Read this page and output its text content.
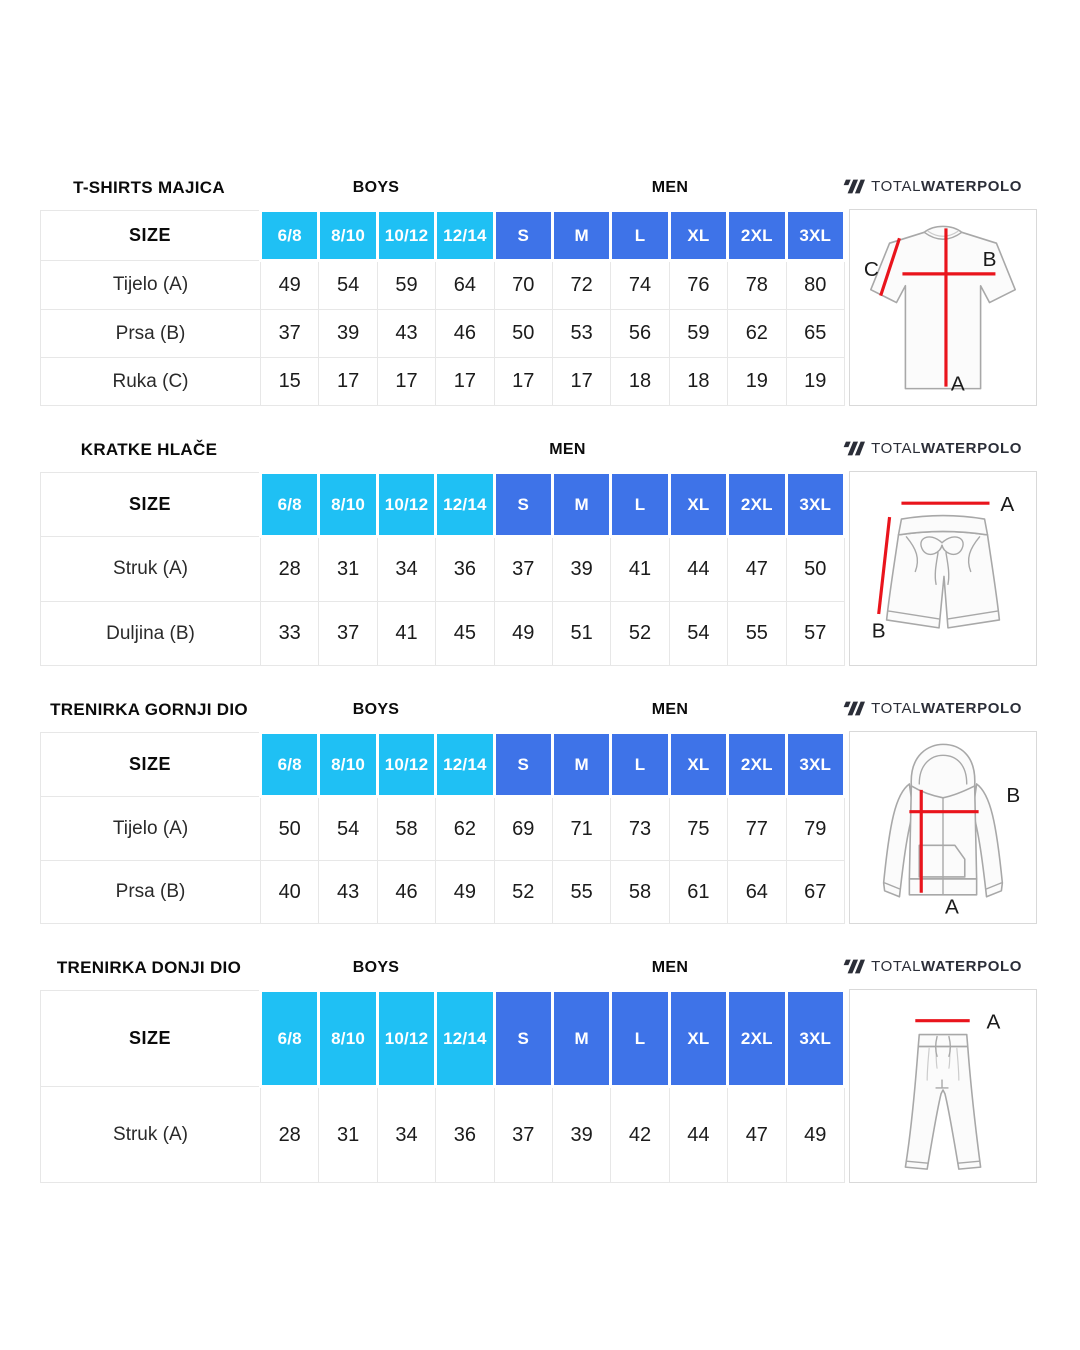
T-SHIRTS MAJICA	BOYS	MEN	TOTALWATERPOLO
SIZE	6/8	8/10	10/12	12/14	S	M	L	XL	2XL	3XL
Tijelo (A)	49	54	59	64	70	72	74	76	78	80
Prsa (B)	37	39	43	46	50	53	56	59	62	65
Ruka (C)	15	17	17	17	17	17	18	18	19	19
C	B
A
KRATKE HLAČE	MEN	TOTALWATERPOLO
SIZE	6/8	8/10	10/12	12/14	S	M	L	XL	2XL	3XL
Struk (A)	28	31	34	36	37	39	41	44	47	50
Duljina (B)	33	37	41	45	49	51	52	54	55	57
A
B
TRENIRKA GORNJI DIO	BOYS	MEN	TOTALWATERPOLO
SIZE	6/8	8/10	10/12	12/14	S	M	L	XL	2XL	3XL
Tijelo (A)	50	54	58	62	69	71	73	75	77	79
Prsa (B)	40	43	46	49	52	55	58	61	64	67
B
A
TRENIRKA DONJI DIO	BOYS	MEN	TOTALWATERPOLO
SIZE	6/8	8/10	10/12	12/14	S	M	L	XL	2XL	3XL
Struk (A)	28	31	34	36	37	39	42	44	47	49
A
